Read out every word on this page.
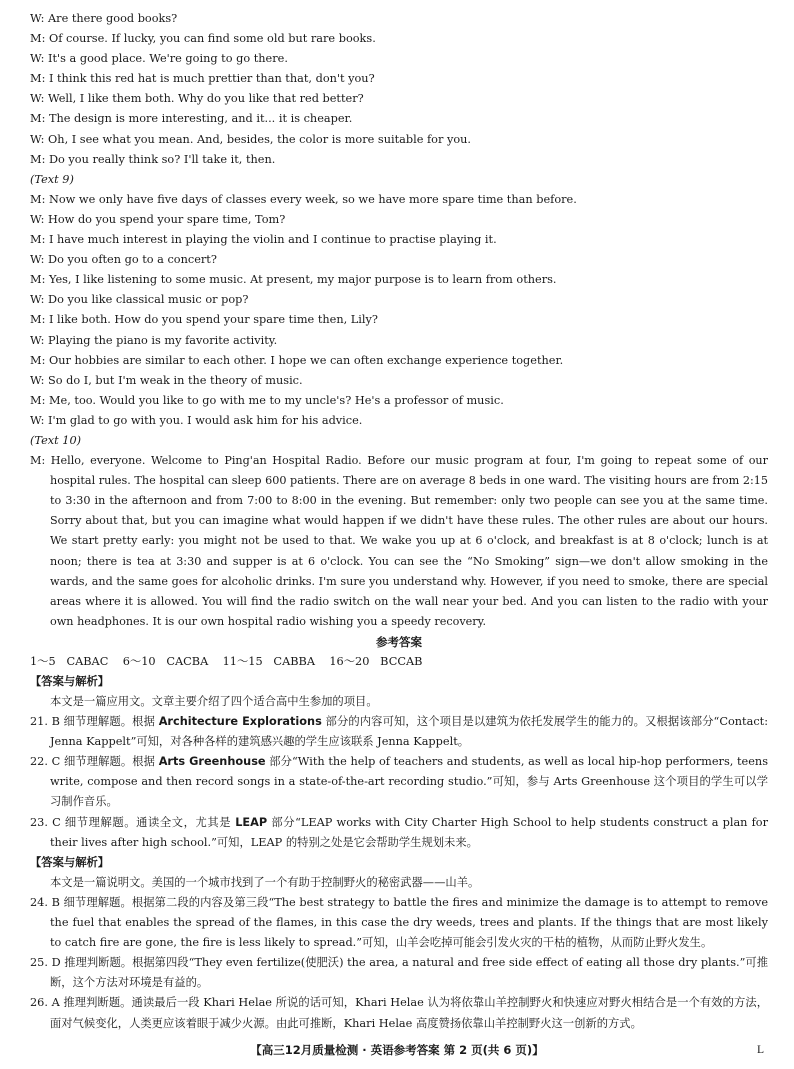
W: Are there good books?
M: Of course. If lucky, you can find some old but rare books.
W: It's a good place. We're going to go there.
M: I think this red hat is much prettier than that, don't you?
W: Well, I like them both. Why do you like that red better?
M: The design is more interesting, and it... it is cheaper.
W: Oh, I see what you mean. And, besides, the color is more suitable for you.
M: Do you really think so? I'll take it, then.
(Text 9)
M: Now we only have five days of classes every week, so we have more spare time than before.
W: How do you spend your spare time, Tom?
M: I have much interest in playing the violin and I continue to practise playing it.
W: Do you often go to a concert?
M: Yes, I like listening to some music. At present, my major purpose is to learn from others.
W: Do you like classical music or pop?
M: I like both. How do you spend your spare time then, Lily?
W: Playing the piano is my favorite activity.
M: Our hobbies are similar to each other. I hope we can often exchange experience together.
W: So do I, but I'm weak in the theory of music.
M: Me, too. Would you like to go with me to my uncle's? He's a professor of music.
W: I'm glad to go with you. I would ask him for his advice.
(Text 10)
M: Hello, everyone. Welcome to Ping'an Hospital Radio. Before our music program at four, I'm going to repeat some of our hospital rules. The hospital can sleep 600 patients. There are on average 8 beds in one ward. The visiting hours are from 2:15 to 3:30 in the afternoon and from 7:00 to 8:00 in the evening. But remember: only two people can see you at the same time. Sorry about that, but you can imagine what would happen if we didn't have these rules. The other rules are about our hours. We start pretty early: you might not be used to that. We wake you up at 6 o'clock, and breakfast is at 8 o'clock; lunch is at noon; there is tea at 3:30 and supper is at 6 o'clock. You can see the “No Smoking” sign—we don't allow smoking in the wards, and the same goes for alcoholic drinks. I'm sure you understand why. However, if you need to smoke, there are special areas where it is allowed. You will find the radio switch on the wall near your bed. And you can listen to the radio with your own headphones. It is our own hospital radio wishing you a speedy recovery.
参考答案
1～5   CABAC    6～10   CACBA    11～15   CABBA    16～20   BCCAB
【答案与解析】
本文是一篇应用文。文章主要介绍了四个适合高中生参加的项目。
21. B 细节理解题。根据 Architecture Explorations 部分的内容可知，这个项目是以建筑为依托发展学生的能力的。又根据该部分“Contact: Jenna Kappelt”可知，对各种各样的建筑感兴趣的学生应该联系 Jenna Kappelt。
22. C 细节理解题。根据 Arts Greenhouse 部分“With the help of teachers and students, as well as local hip-hop performers, teens write, compose and then record songs in a state-of-the-art recording studio.”可知，参与 Arts Greenhouse 这个项目的学生可以学习制作音乐。
23. C 细节理解题。通读全文，尤其是 LEAP 部分“LEAP works with City Charter High School to help students construct a plan for their lives after high school.”可知，LEAP 的特别之处是它会帮助学生规划未来。
【答案与解析】
本文是一篇说明文。美国的一个城市找到了一个有助于控制野火的秘密武器——山羊。
24. B 细节理解题。根据第二段的内容及第三段“The best strategy to battle the fires and minimize the damage is to attempt to remove the fuel that enables the spread of the flames, in this case the dry weeds, trees and plants. If the things that are most likely to catch fire are gone, the fire is less likely to spread.”可知，山羊会吃掉可能会引发火灾的干枯的植物，从而防止野火发生。
25. D 推理判断题。根据第四段“They even fertilize(使肥沃) the area, a natural and free side effect of eating all those dry plants.”可推断，这个方法对环境是有益的。
26. A 推理判断题。通读最后一段 Khari Helae 所说的话可知，Khari Helae 认为将依靠山羊控制野火和快速应对野火相结合是一个有效的方法，面对气候变化，人类更应该着眼于减少火源。由此可推断，Khari Helae 高度赞扬依靠山羊控制野火这一创新的方式。
【高三12月质量检测 · 英语参考答案 第 2 页(共 6 页)】	L
